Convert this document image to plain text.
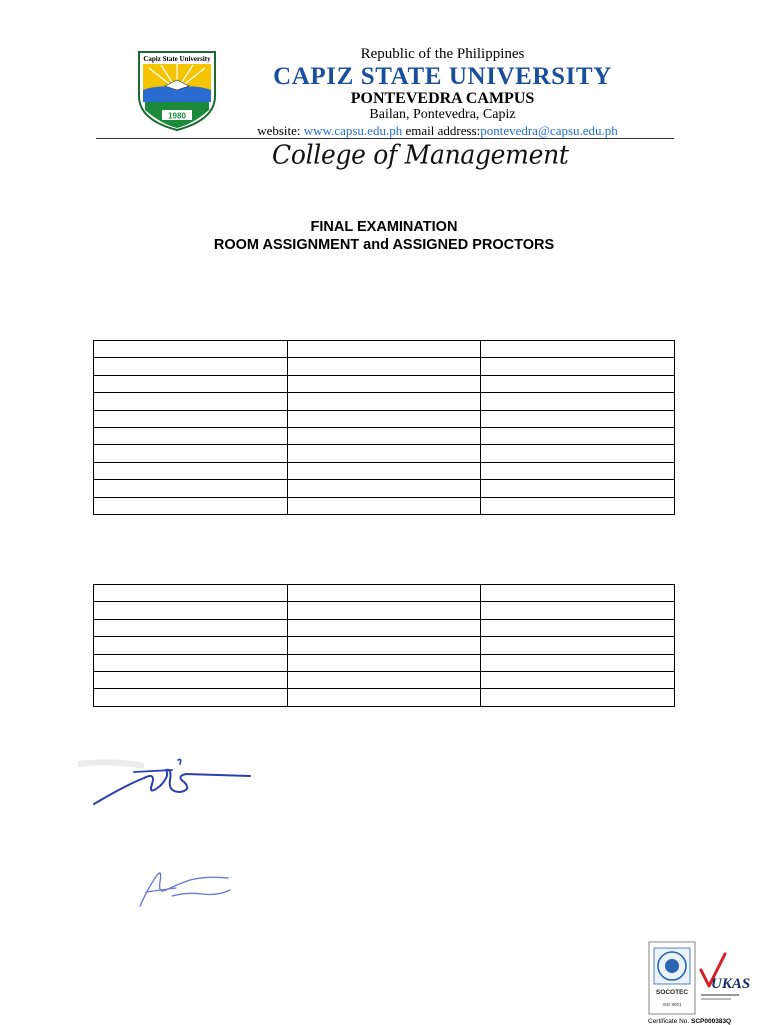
Capiz State University
1980

Republic of the Philippines

CAPIZ STATE UNIVERSITY

PONTEVEDRA CAMPUS

Bailan, Pontevedra, Capiz

website: www.capsu.edu.ph email address:pontevedra@capsu.edu.ph

College of Management
FINAL EXAMINATION
ROOM ASSIGNMENT and ASSIGNED PROCTORS

SOCOTEC
ISO 9001
UKAS
Certificate No. SCP000383Q
